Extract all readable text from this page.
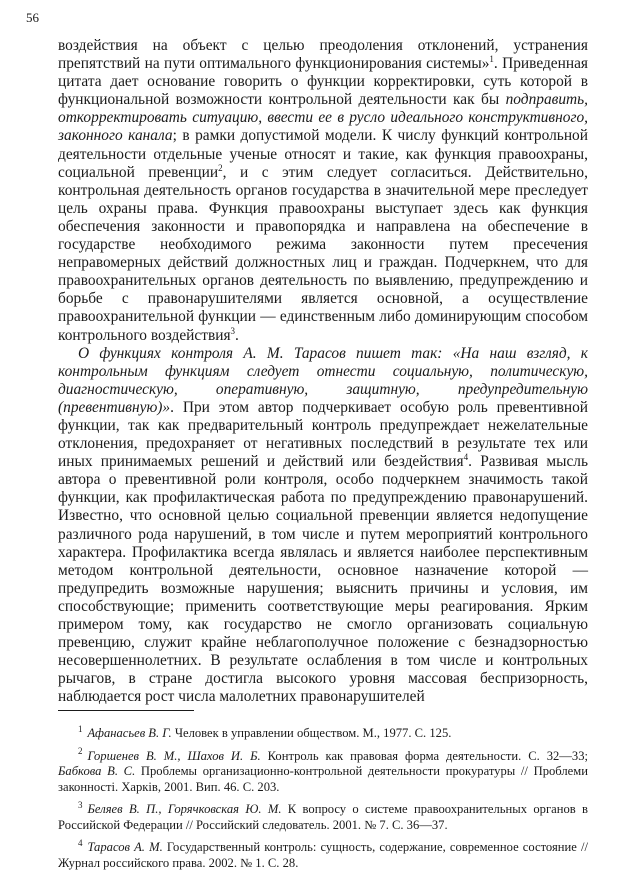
56

воздействия на объект с целью преодоления отклонений, устранения препятствий на пути оптимального функционирования системы»$^1$. Приведенная цитата дает основание говорить о функции корректировки, суть которой в функциональной возможности контрольной деятельности как бы подправить, откорректировать ситуацию, ввести ее в русло идеального конструктивного, законного канала; в рамки допустимой модели. К числу функций контрольной деятельности отдельные ученые относят и такие, как функция правоохраны, социальной превенции$^2$, и с этим следует согласиться. Действительно, контрольная деятельность органов государства в значительной мере преследует цель охраны права. Функция правоохраны выступает здесь как функция обеспечения законности и правопорядка и направлена на обеспечение в государстве необходимого режима законности путем пресечения неправомерных действий должностных лиц и граждан. Подчеркнем, что для правоохранительных органов деятельность по выявлению, предупреждению и борьбе с правонарушителями является основной, а осуществление правоохранительной функции — единственным либо доминирующим способом контрольного воздействия$^3$.

О функциях контроля А. М. Тарасов пишет так: «На наш взгляд, к контрольным функциям следует отнести социальную, политическую, диагностическую, оперативную, защитную, предупредительную (превентивную)». При этом автор подчеркивает особую роль превентивной функции, так как предварительный контроль предупреждает нежелательные отклонения, предохраняет от негативных последствий в результате тех или иных принимаемых решений и действий или бездействия$^4$. Развивая мысль автора о превентивной роли контроля, особо подчеркнем значимость такой функции, как профилактическая работа по предупреждению правонарушений. Известно, что основной целью социальной превенции является недопущение различного рода нарушений, в том числе и путем мероприятий контрольного характера. Профилактика всегда являлась и является наиболее перспективным методом контрольной деятельности, основное назначение которой — предупредить возможные нарушения; выяснить причины и условия, им способствующие; применить соответствующие меры реагирования. Ярким примером тому, как государство не смогло организовать социальную превенцию, служит крайне неблагополучное положение с безнадзорностью несовершеннолетних. В результате ослабления в том числе и контрольных рычагов, в стране достигла высокого уровня массовая беспризорность, наблюдается рост числа малолетних правонарушителей

$^1$ Афанасьев В. Г. Человек в управлении обществом. М., 1977. С. 125.

$^2$ Горшенев В. М., Шахов И. Б. Контроль как правовая форма деятельности. С. 32—33; Бабкова В. С. Проблемы организационно-контрольной деятельности прокуратуры // Проблеми законності. Харків, 2001. Вип. 46. С. 203.

$^3$ Беляев В. П., Горячковская Ю. М. К вопросу о системе правоохранительных органов в Российской Федерации // Российский следователь. 2001. № 7. С. 36—37.

$^4$ Тарасов А. М. Государственный контроль: сущность, содержание, современное состояние // Журнал российского права. 2002. № 1. С. 28.
